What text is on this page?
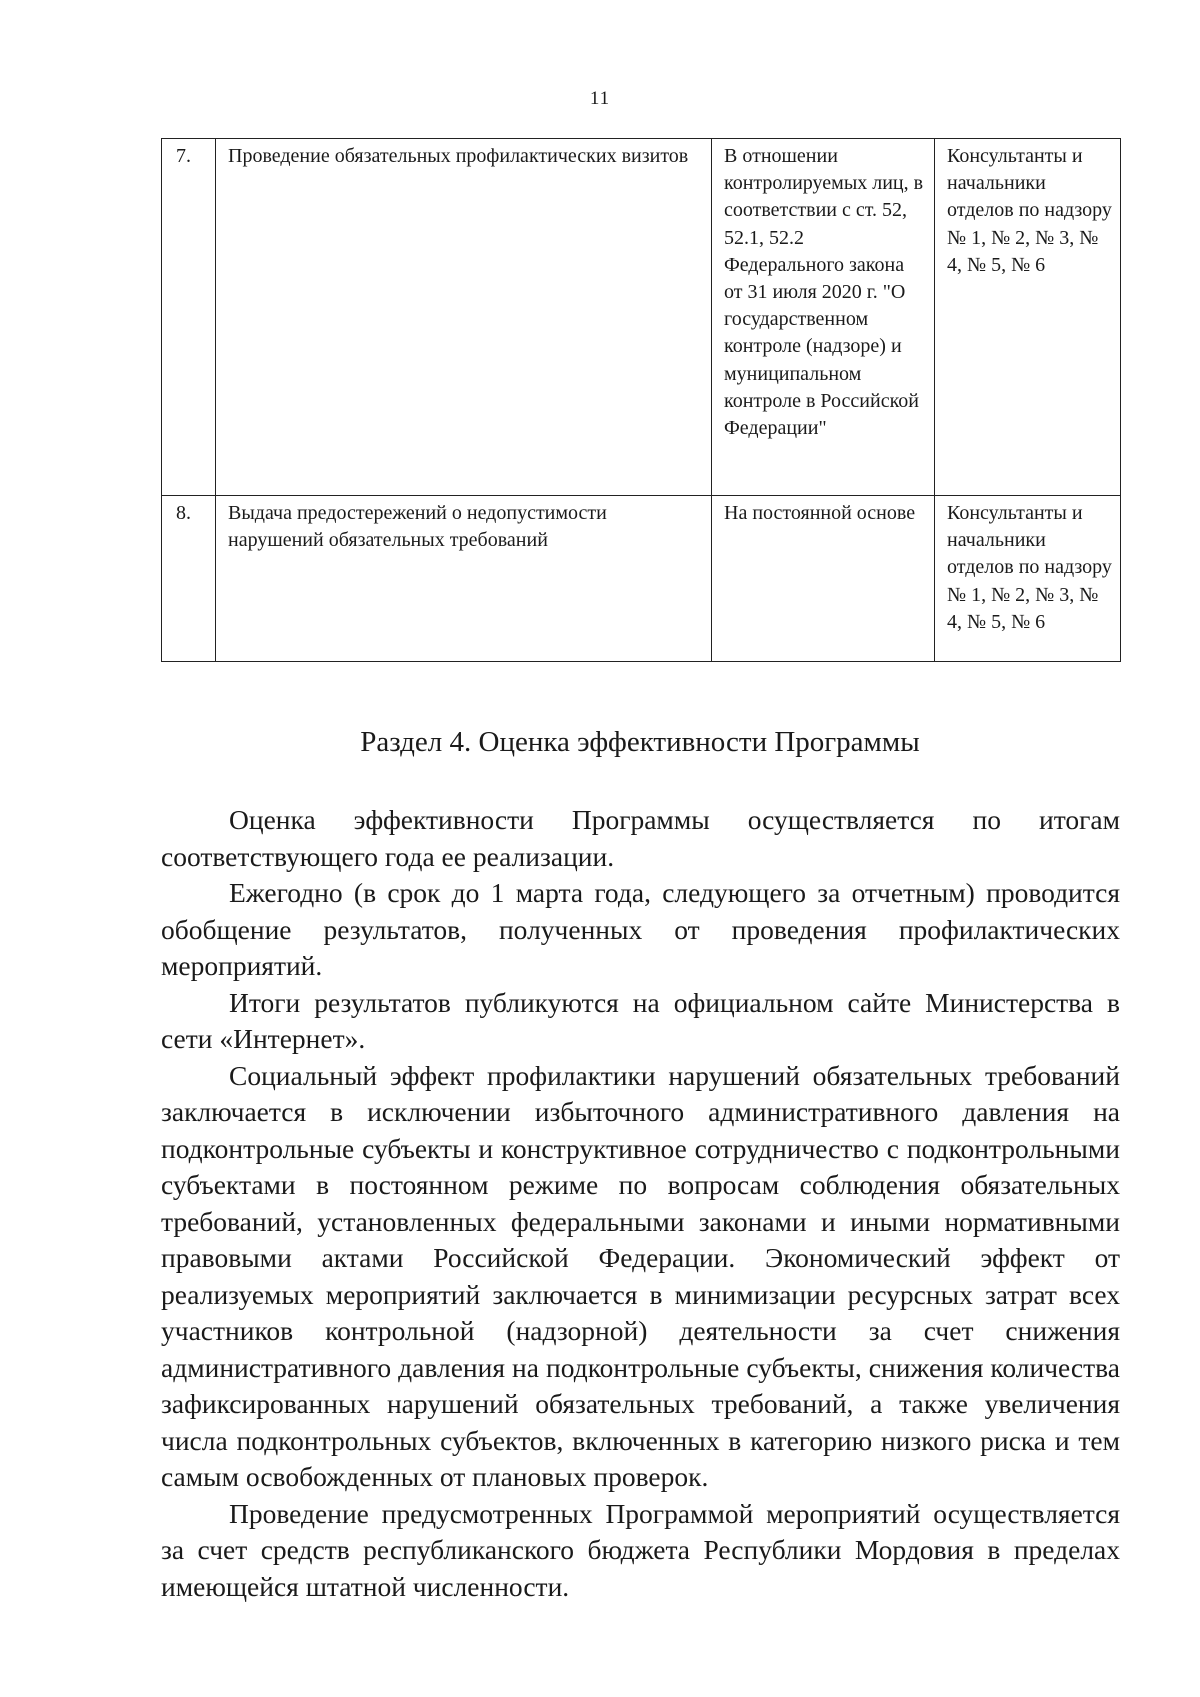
11
7.	Проведение обязательных профилактических визитов	В отношении контролируемых лиц, в соответствии с ст. 52, 52.1, 52.2 Федерального закона от 31 июля 2020 г. "О государственном контроле (надзоре) и муниципальном контроле в Российской Федерации"	Консультанты и начальники отделов по надзору № 1, № 2, № 3, № 4, № 5, № 6
8.	Выдача предостережений о недопустимости нарушений обязательных требований	На постоянной основе	Консультанты и начальники отделов по надзору № 1, № 2, № 3, № 4, № 5, № 6
Раздел 4. Оценка эффективности Программы

Оценка эффективности Программы осуществляется по итогам соответствующего года ее реализации.

Ежегодно (в срок до 1 марта года, следующего за отчетным) проводится обобщение результатов, полученных от проведения профилактических мероприятий.

Итоги результатов публикуются на официальном сайте Министерства в сети «Интернет».

Социальный эффект профилактики нарушений обязательных требований заключается в исключении избыточного административного давления на подконтрольные субъекты и конструктивное сотрудничество с подконтрольными субъектами в постоянном режиме по вопросам соблюдения обязательных требований, установленных федеральными законами и иными нормативными правовыми актами Российской Федерации. Экономический эффект от реализуемых мероприятий заключается в минимизации ресурсных затрат всех участников контрольной (надзорной) деятельности за счет снижения административного давления на подконтрольные субъекты, снижения количества зафиксированных нарушений обязательных требований, а также увеличения числа подконтрольных субъектов, включенных в категорию низкого риска и тем самым освобожденных от плановых проверок.

Проведение предусмотренных Программой мероприятий осуществляется за счет средств республиканского бюджета Республики Мордовия в пределах имеющейся штатной численности.
